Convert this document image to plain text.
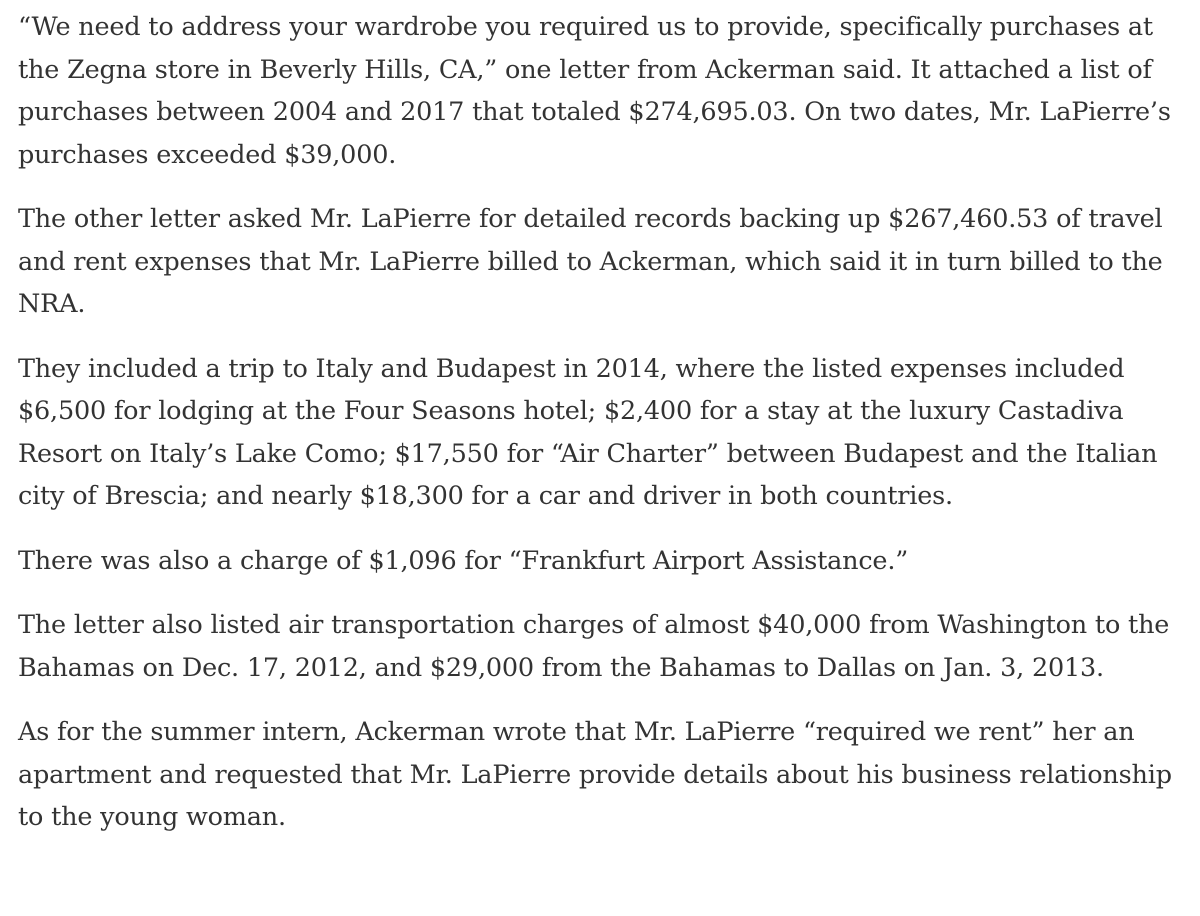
“We need to address your wardrobe you required us to provide, specifically purchases at the Zegna store in Beverly Hills, CA,” one letter from Ackerman said. It attached a list of purchases between 2004 and 2017 that totaled $274,695.03. On two dates, Mr. LaPierre’s purchases exceeded $39,000.

The other letter asked Mr. LaPierre for detailed records backing up $267,460.53 of travel and rent expenses that Mr. LaPierre billed to Ackerman, which said it in turn billed to the NRA.

They included a trip to Italy and Budapest in 2014, where the listed expenses included $6,500 for lodging at the Four Seasons hotel; $2,400 for a stay at the luxury Castadiva Resort on Italy’s Lake Como; $17,550 for “Air Charter” between Budapest and the Italian city of Brescia; and nearly $18,300 for a car and driver in both countries.

There was also a charge of $1,096 for “Frankfurt Airport Assistance.”

The letter also listed air transportation charges of almost $40,000 from Washington to the Bahamas on Dec. 17, 2012, and $29,000 from the Bahamas to Dallas on Jan. 3, 2013.

As for the summer intern, Ackerman wrote that Mr. LaPierre “required we rent” her an apartment and requested that Mr. LaPierre provide details about his business relationship to the young woman.
